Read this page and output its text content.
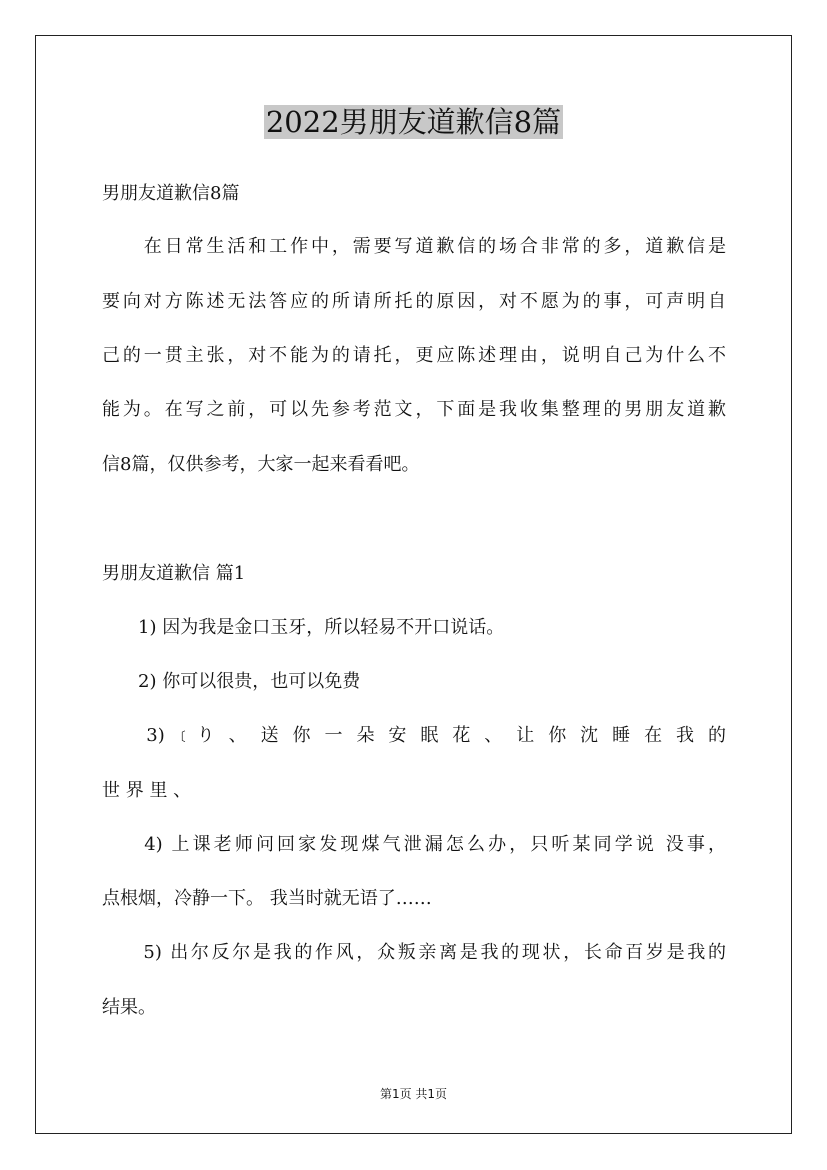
2022男朋友道歉信8篇
男朋友道歉信8篇
　　在日常生活和工作中，需要写道歉信的场合非常的多，道歉信是
要向对方陈述无法答应的所请所托的原因，对不愿为的事，可声明自
己的一贯主张，对不能为的请托，更应陈述理由，说明自己为什么不
能为。在写之前，可以先参考范文，下面是我收集整理的男朋友道歉
信8篇，仅供参考，大家一起来看看吧。
男朋友道歉信 篇1
　　1) 因为我是金口玉牙，所以轻易不开口说话。
　　2) 你可以很贵，也可以免费
　　3) ﹝り 、 送 你 一 朵 安 眠 花 、 让 你 沈 睡 在 我 的
世 界 里 、
　　4) 上课老师问回家发现煤气泄漏怎么办，只听某同学说 没事，
点根烟，冷静一下。 我当时就无语了……
　　5) 出尔反尔是我的作风，众叛亲离是我的现状，长命百岁是我的
结果。
第1页 共1页
